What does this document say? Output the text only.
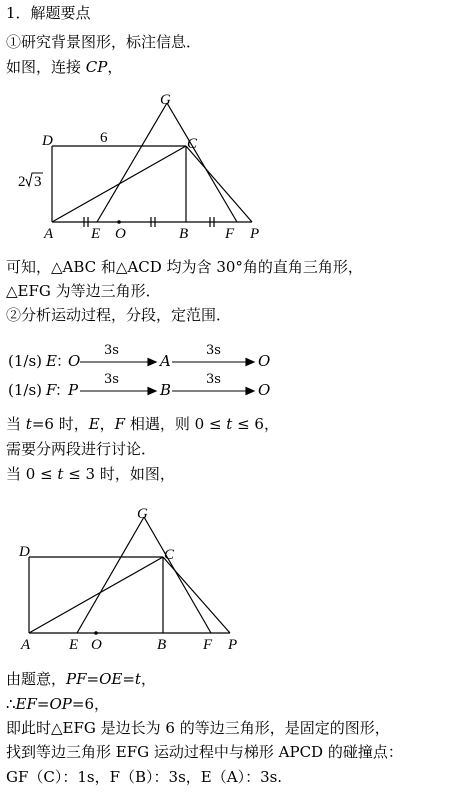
1．解题要点
①研究背景图形，标注信息．
如图，连接 CP，
G
D	6	C
2 3
A	E O	B F P
可知，△ABC 和△ACD 均为含 30°角的直角三角形，
△EFG 为等边三角形．
②分析运动过程，分段，定范围．
(1/s) E ：
O
3s
A
3s
O
(1/s) F
：
P
3s
B
3s
O
当 t=6 时，E，F 相遇，则 0 ≤ t ≤ 6，
需要分两段进行讨论．
当 0 ≤ t ≤ 3 时，如图，
G
D	C
A	E O	B F P
由题意，PF=OE=t，
∴EF=OP=6，
即此时△EFG 是边长为 6 的等边三角形，是固定的图形，
找到等边三角形 EFG 运动过程中与梯形 APCD 的碰撞点：
GF（C）：1s，F（B）：3s，E（A）：3s.
